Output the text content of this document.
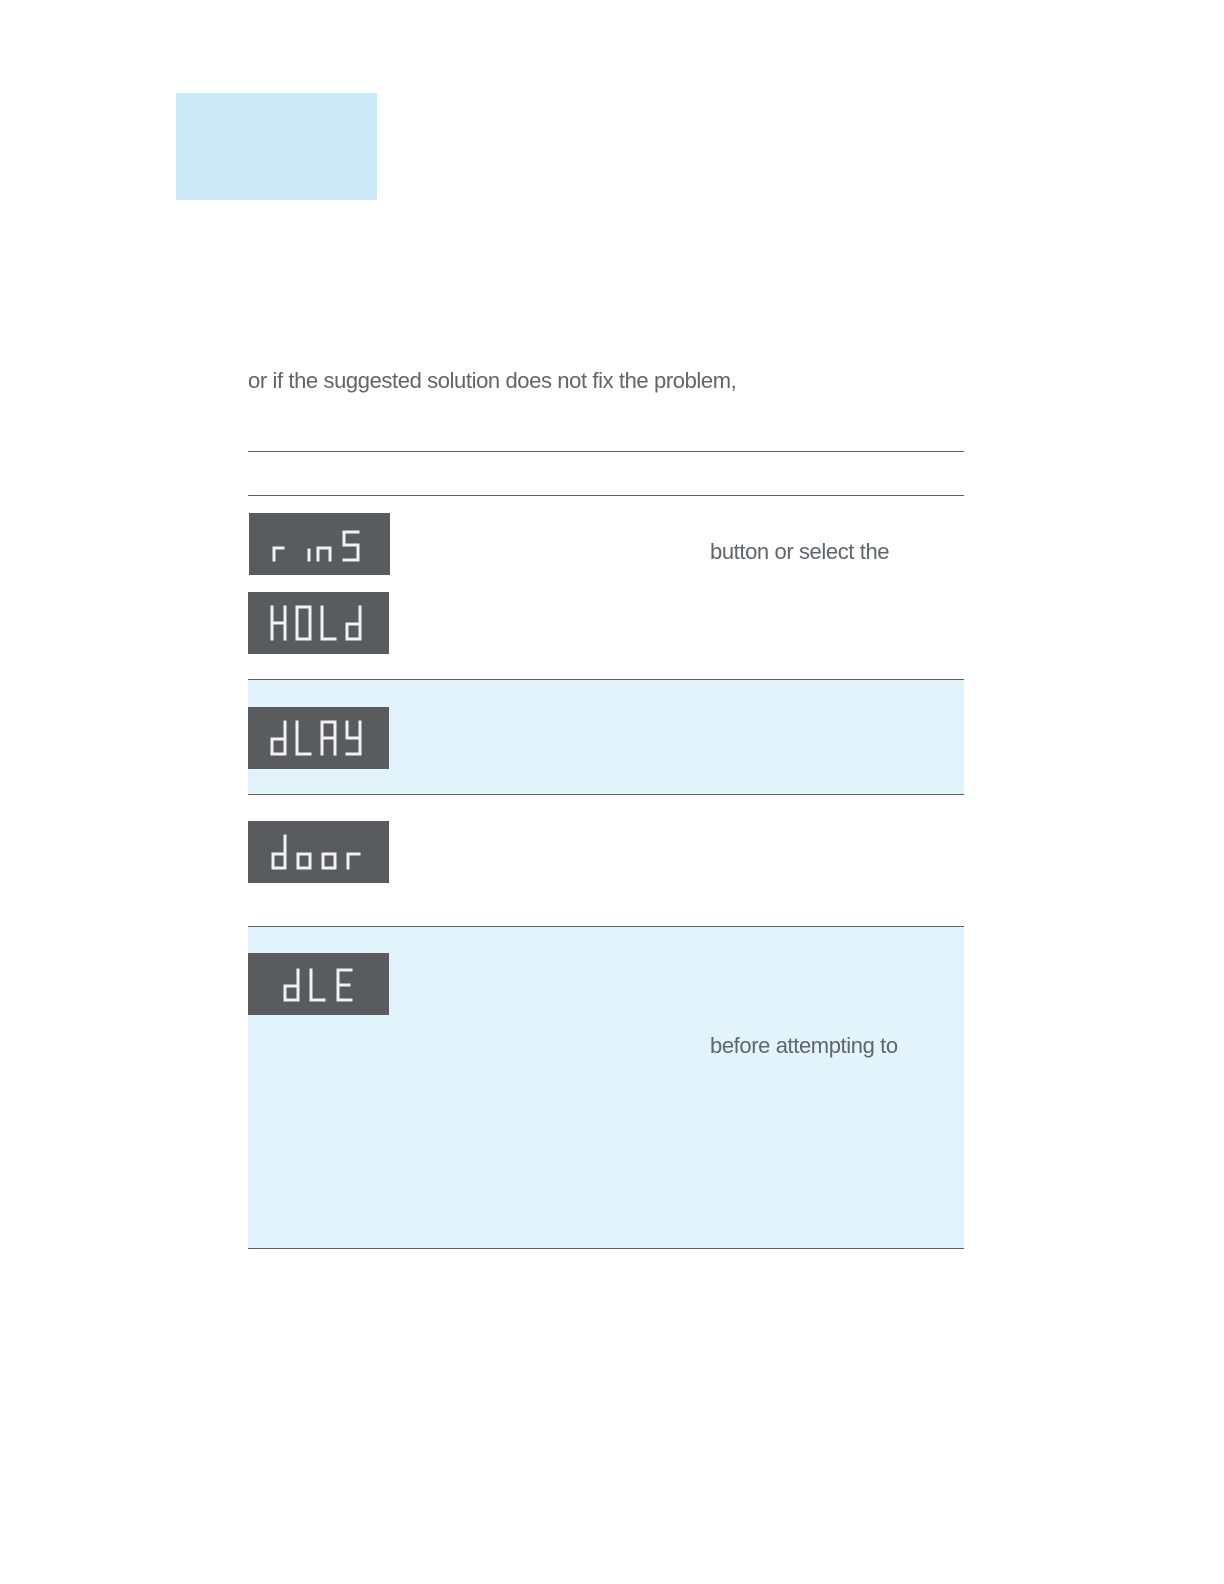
or if the suggested solution does not fix the problem,
button or select the
before attempting to
